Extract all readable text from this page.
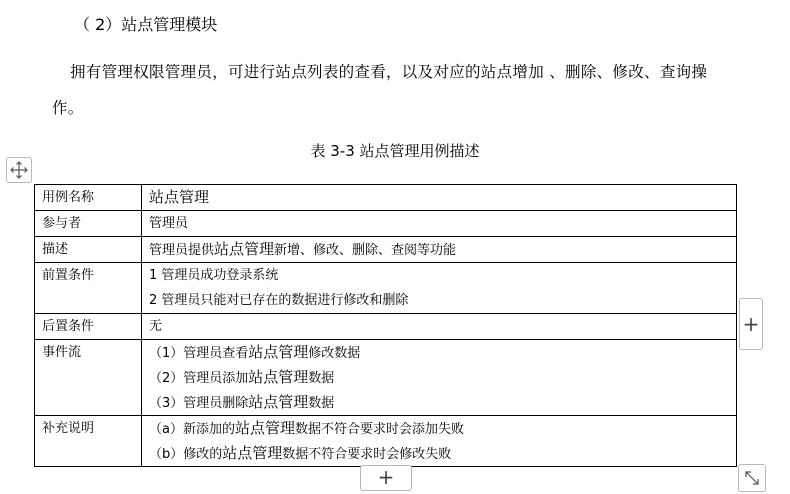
（ 2）站点管理模块
拥有管理权限管理员，可进行站点列表的查看，以及对应的站点增加 、删除、修改、查询操作。
表 3-3 站点管理用例描述
用例名称	站点管理

参与者	管理员

描述	管理员提供站点管理新增、修改、删除、查阅等功能

前置条件	1 管理员成功登录系统
2 管理员只能对已存在的数据进行修改和删除

后置条件	无

事件流	（1）管理员查看站点管理修改数据
（2）管理员添加站点管理数据
（3）管理员删除站点管理数据

补充说明	（a）新添加的站点管理数据不符合要求时会添加失败
（b）修改的站点管理数据不符合要求时会修改失败
+
+
